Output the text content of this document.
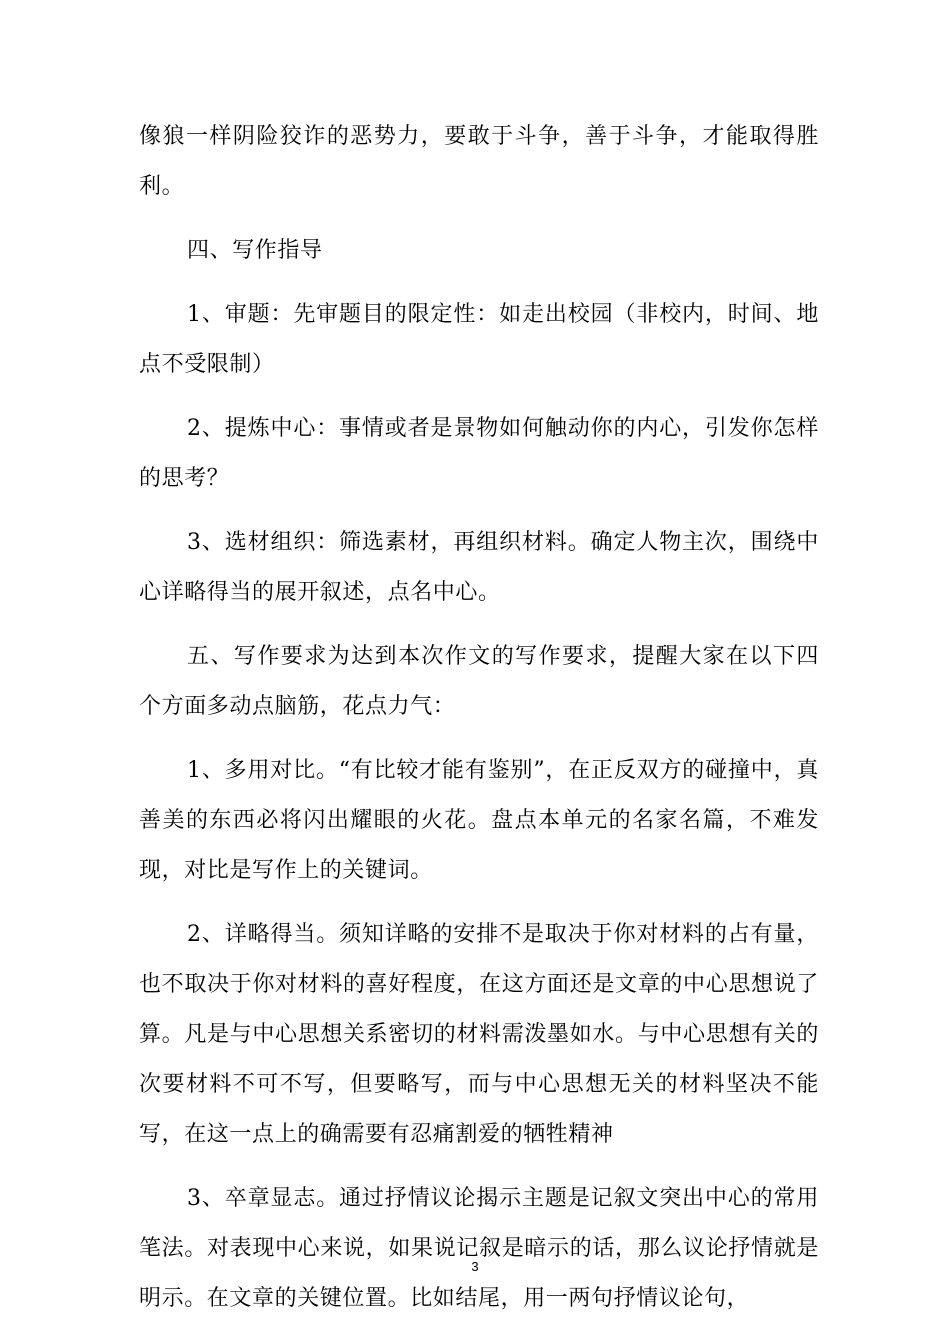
像狼一样阴险狡诈的恶势力，要敢于斗争，善于斗争，才能取得胜利。

四、写作指导

1、审题：先审题目的限定性：如走出校园（非校内，时间、地点不受限制）

2、提炼中心：事情或者是景物如何触动你的内心，引发你怎样的思考？

3、选材组织：筛选素材，再组织材料。确定人物主次，围绕中心详略得当的展开叙述，点名中心。

五、写作要求为达到本次作文的写作要求，提醒大家在以下四个方面多动点脑筋，花点力气：

1、多用对比。“有比较才能有鉴别”，在正反双方的碰撞中，真善美的东西必将闪出耀眼的火花。盘点本单元的名家名篇，不难发现，对比是写作上的关键词。

2、详略得当。须知详略的安排不是取决于你对材料的占有量，也不取决于你对材料的喜好程度，在这方面还是文章的中心思想说了算。凡是与中心思想关系密切的材料需泼墨如水。与中心思想有关的次要材料不可不写，但要略写，而与中心思想无关的材料坚决不能写，在这一点上的确需要有忍痛割爱的牺牲精神

3、卒章显志。通过抒情议论揭示主题是记叙文突出中心的常用笔法。对表现中心来说，如果说记叙是暗示的话，那么议论抒情就是明示。在文章的关键位置。比如结尾，用一两句抒情议论句，

3
